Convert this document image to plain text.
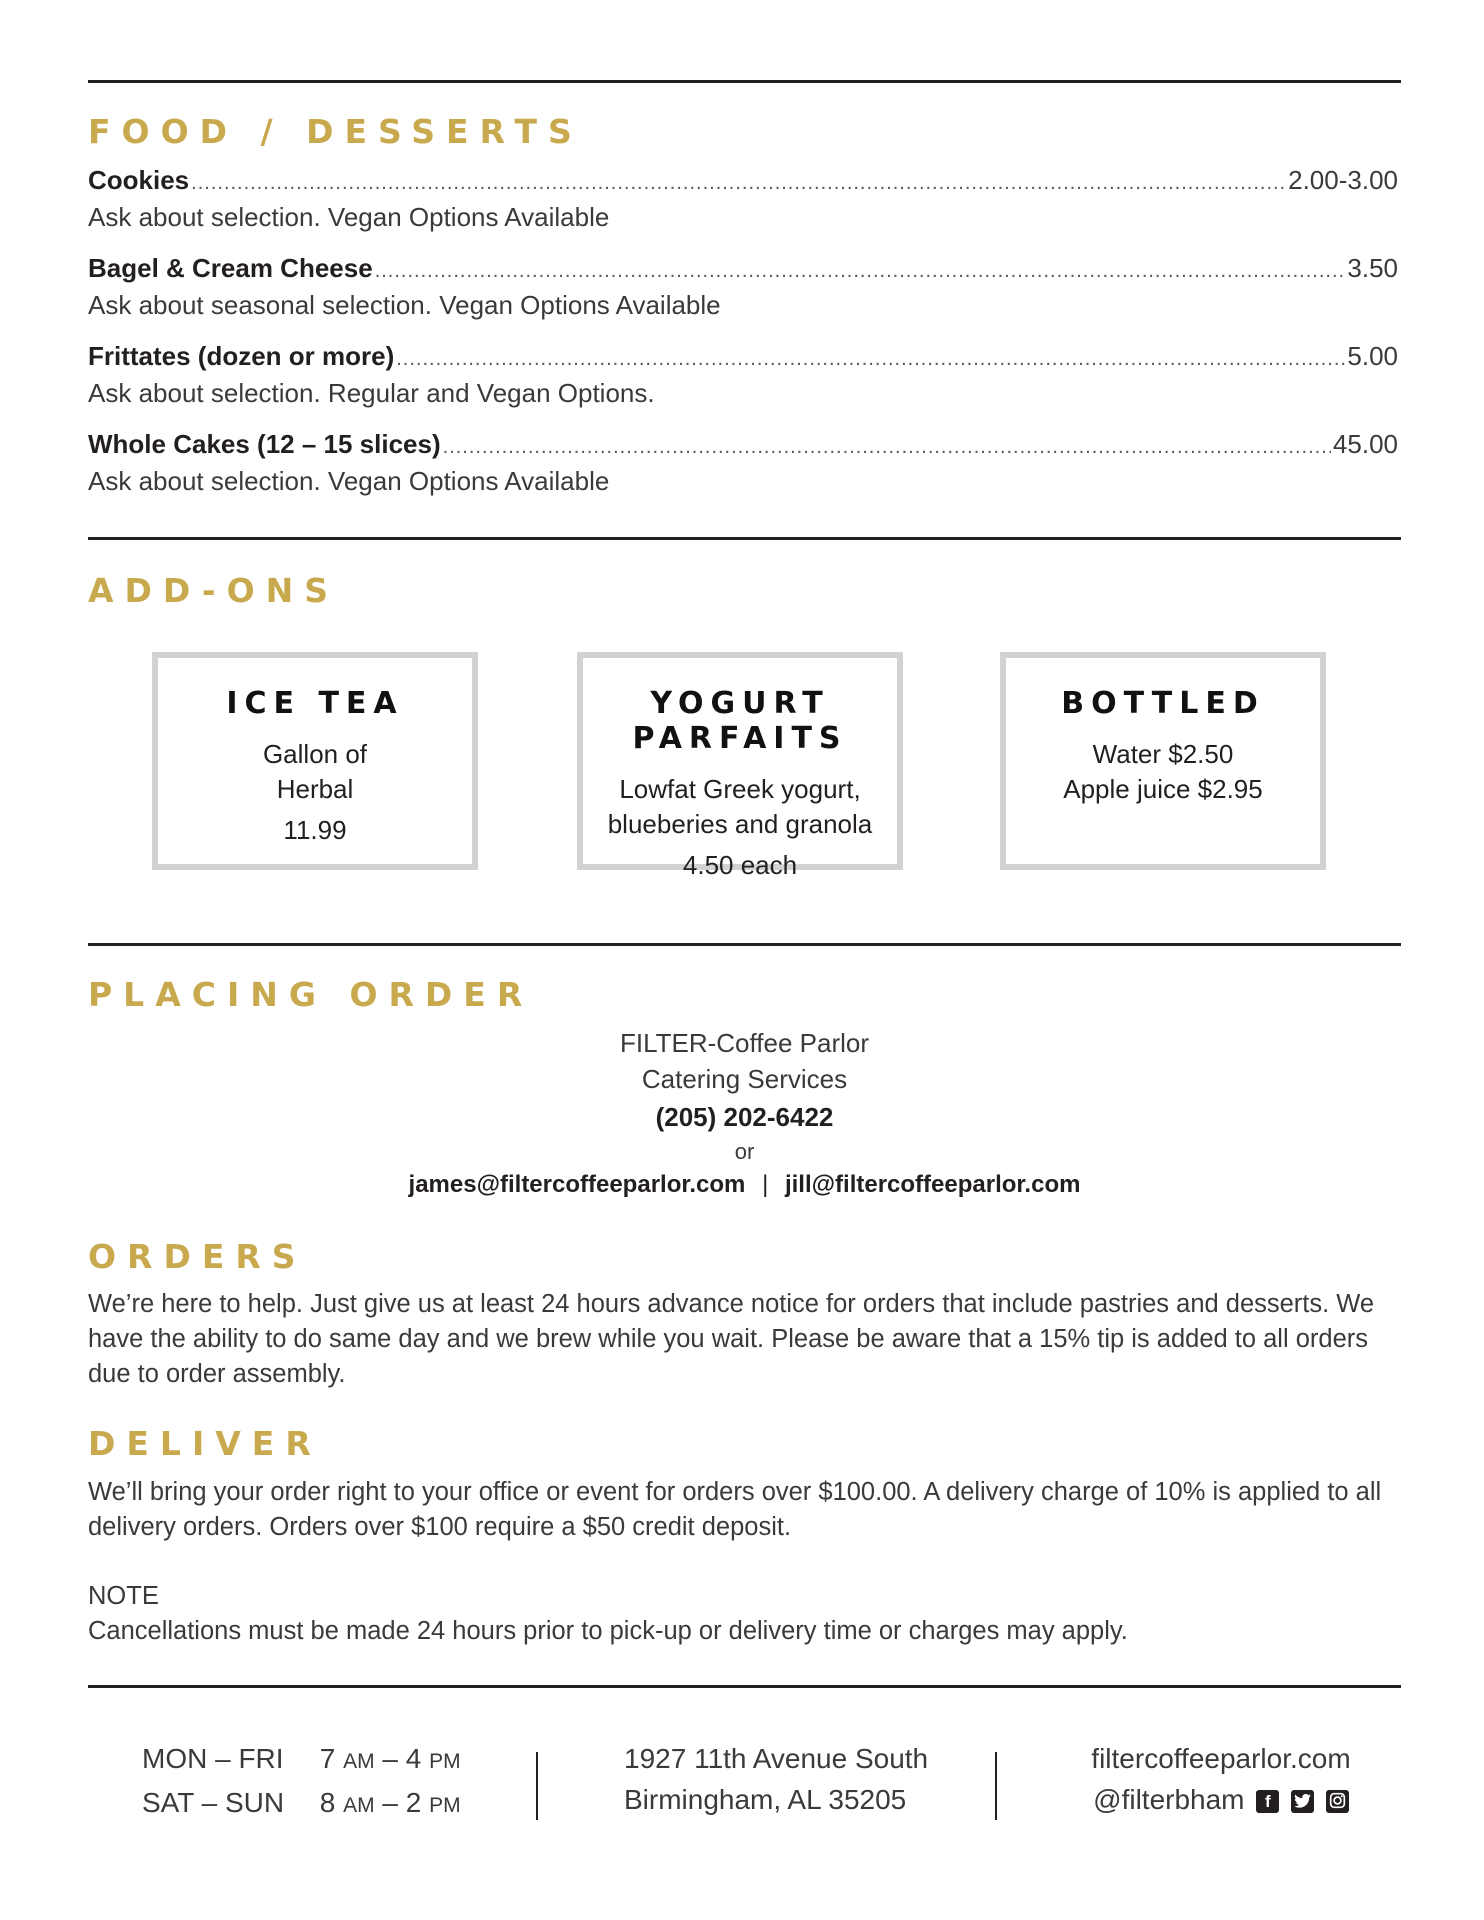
FOOD / DESSERTS
Cookies .....	2.00-3.00
Ask about selection. Vegan Options Available
Bagel & Cream Cheese .....	3.50
Ask about seasonal selection. Vegan Options Available
Frittates (dozen or more) .....	5.00
Ask about selection. Regular and Vegan Options.
Whole Cakes (12 – 15 slices) .....	45.00
Ask about selection. Vegan Options Available
ADD-ONS
ICE TEA
Gallon of
Herbal
11.99
YOGURT PARFAITS
Lowfat Greek yogurt,
blueberies and granola
4.50 each
BOTTLED
Water $2.50
Apple juice $2.95
PLACING ORDER
FILTER-Coffee Parlor
Catering Services
(205) 202-6422
or
james@filtercoffeeparlor.com | jill@filtercoffeeparlor.com
ORDERS

We’re here to help. Just give us at least 24 hours advance notice for orders that include pastries and desserts. We have the ability to do same day and we brew while you wait. Please be aware that a 15% tip is added to all orders due to order assembly.

DELIVER

We’ll bring your order right to your office or event for orders over $100.00. A delivery charge of 10% is applied to all delivery orders. Orders over $100 require a $50 credit deposit.

NOTE

Cancellations must be made 24 hours prior to pick-up or delivery time or charges may apply.

MON – FRI 7 AM – 4 PM
SAT – SUN 8 AM – 2 PM
1927 11th Avenue South
Birmingham, AL 35205
filtercoffeeparlor.com
@filterbham f
